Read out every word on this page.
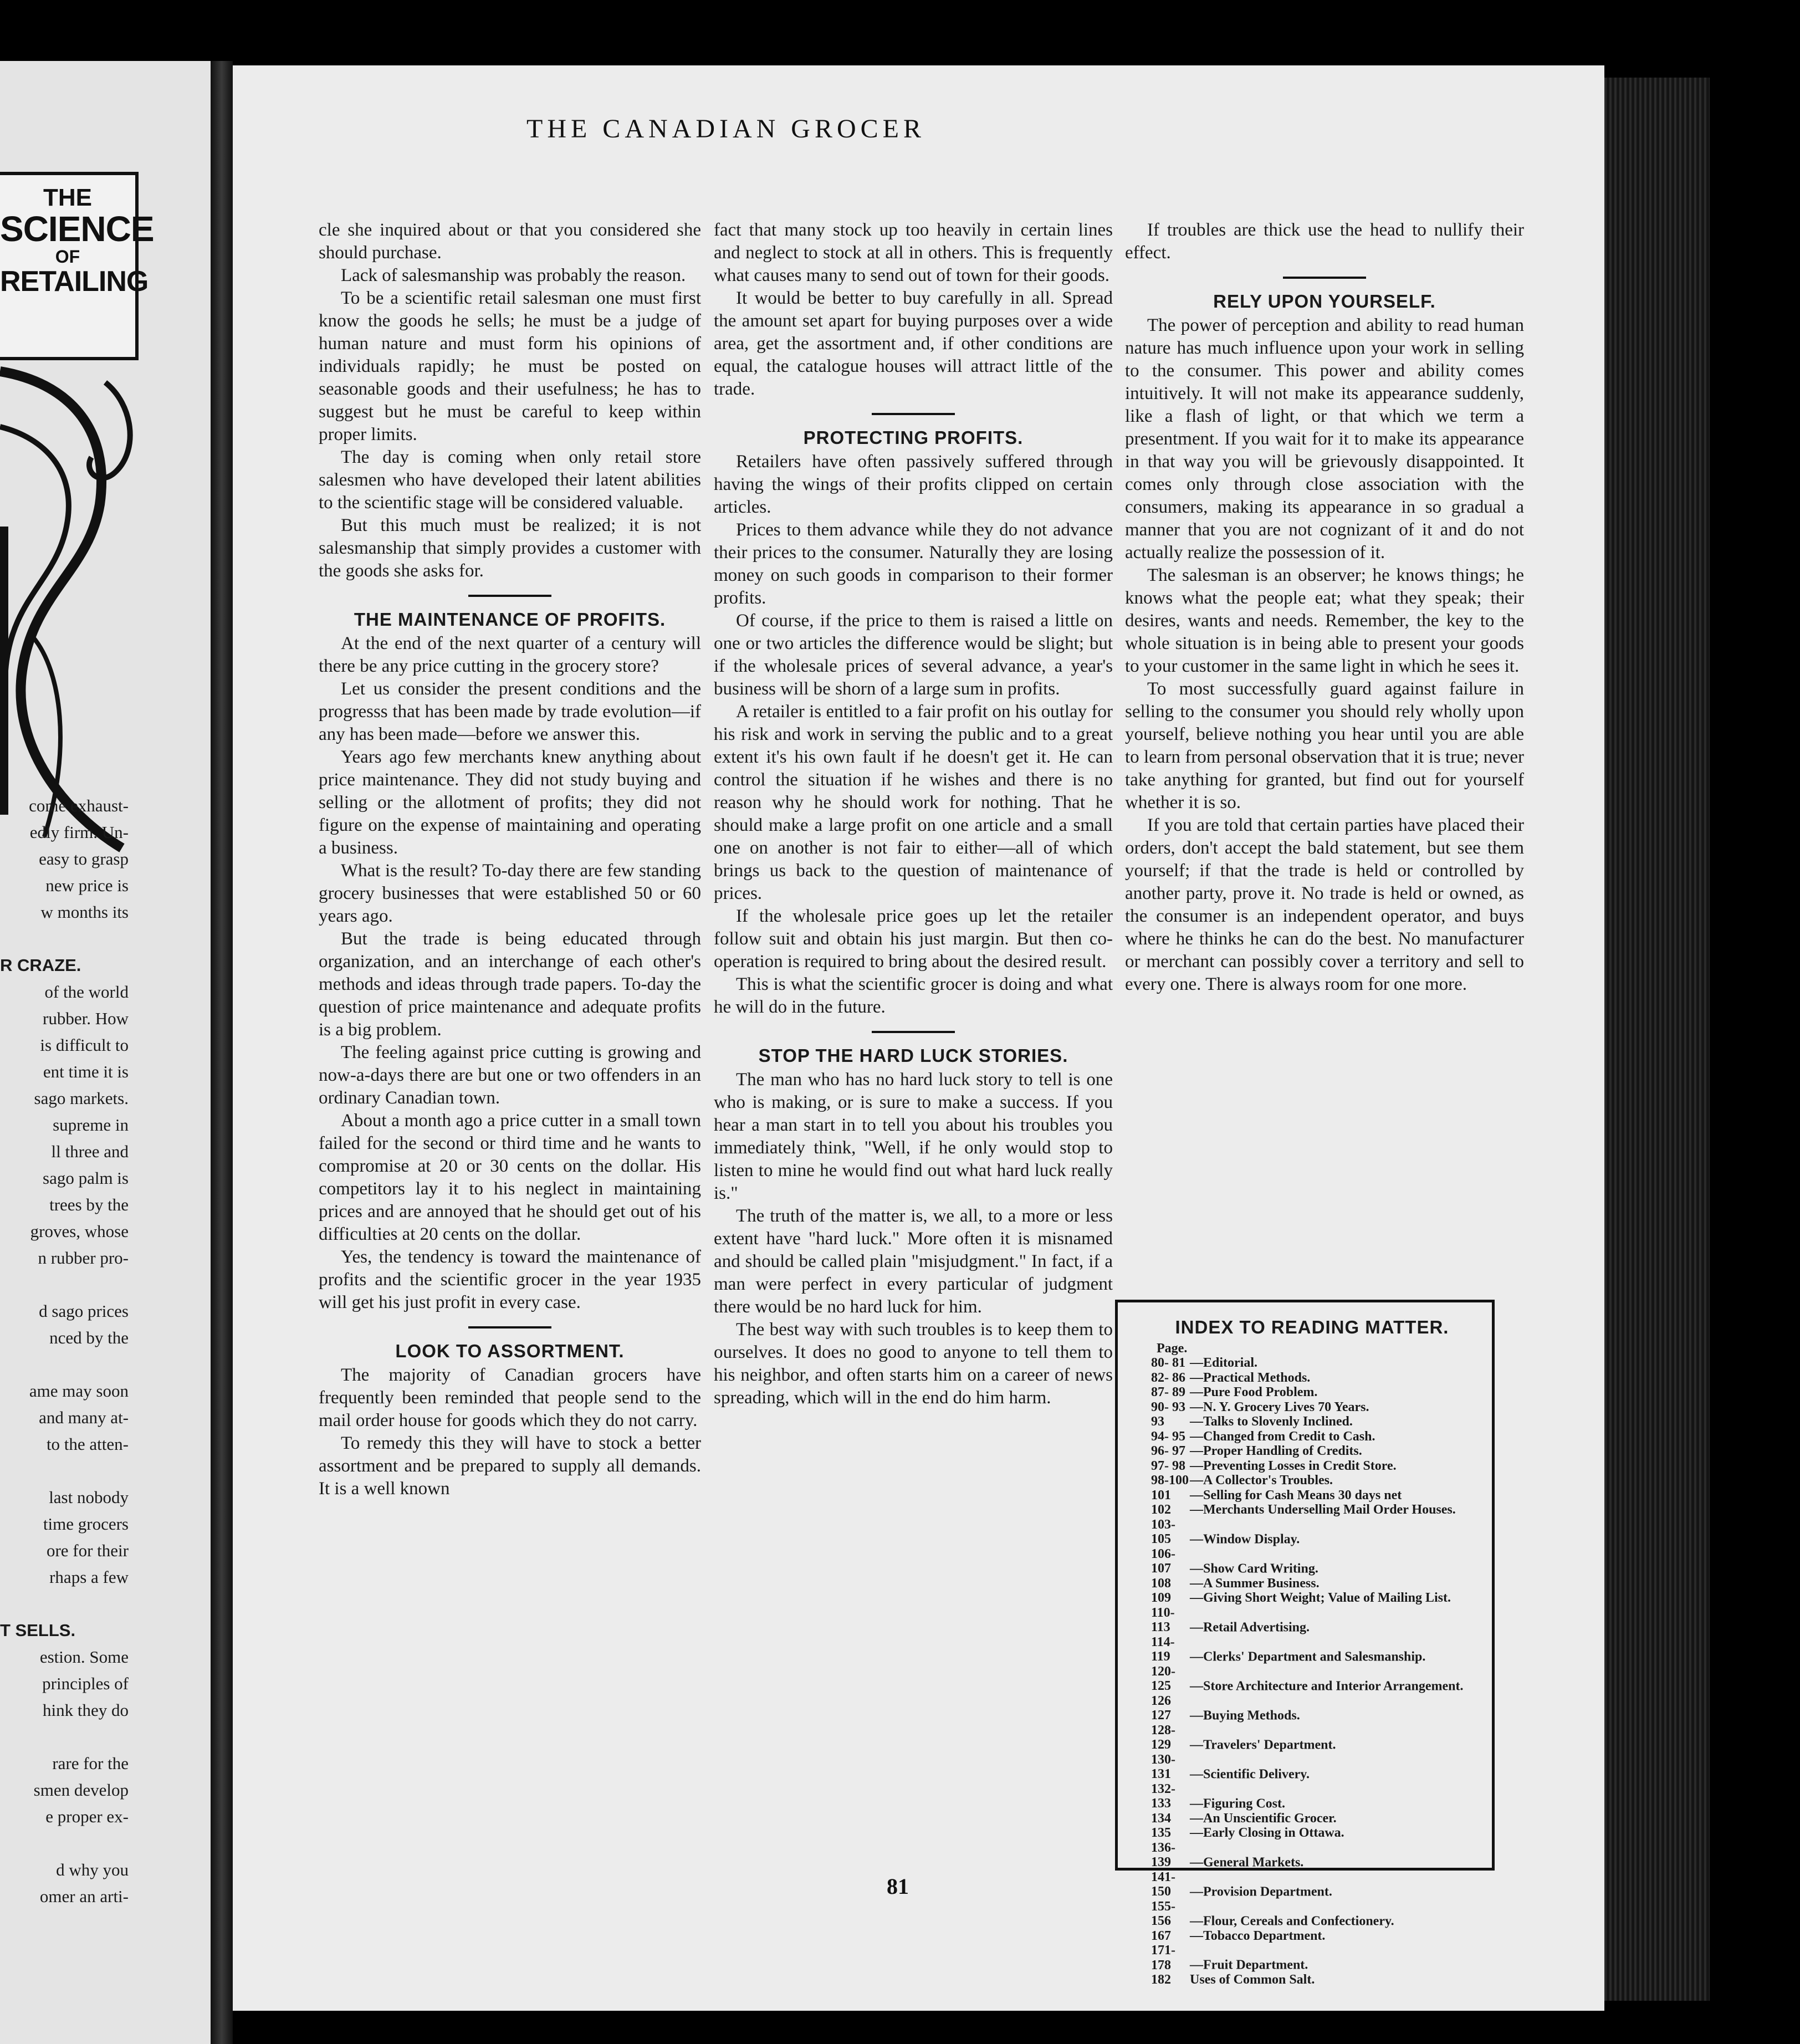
THE
SCIENCE
OF
RETAILING
come exhaust-
edly firm. Un-
easy to grasp
new price is
w months its
R CRAZE.
of the world
rubber. How
is difficult to
ent time it is
sago markets.
supreme in
ll three and
sago palm is
trees by the
groves, whose
n rubber pro-
d sago prices
nced by the
ame may soon
and many at-
to the atten-
last nobody
time grocers
ore for their
rhaps a few
T SELLS.
estion. Some
principles of
hink they do
rare for the
smen develop
e proper ex-
d why you
omer an arti-
THE CANADIAN GROCER

cle she inquired about or that you considered she should purchase.

Lack of salesmanship was probably the reason.

To be a scientific retail salesman one must first know the goods he sells; he must be a judge of human nature and must form his opinions of individuals rapidly; he must be posted on seasonable goods and their usefulness; he has to suggest but he must be careful to keep within proper limits.

The day is coming when only retail store salesmen who have developed their latent abilities to the scientific stage will be considered valuable.

But this much must be realized; it is not salesmanship that simply provides a customer with the goods she asks for.

THE MAINTENANCE OF PROFITS.

At the end of the next quarter of a century will there be any price cutting in the grocery store?

Let us consider the present conditions and the progresss that has been made by trade evolution—if any has been made—before we answer this.

Years ago few merchants knew anything about price maintenance. They did not study buying and selling or the allotment of profits; they did not figure on the expense of maintaining and operating a business.

What is the result? To-day there are few standing grocery businesses that were established 50 or 60 years ago.

But the trade is being educated through organization, and an interchange of each other's methods and ideas through trade papers. To-day the question of price maintenance and adequate profits is a big problem.

The feeling against price cutting is growing and now-a-days there are but one or two offenders in an ordinary Canadian town.

About a month ago a price cutter in a small town failed for the second or third time and he wants to compromise at 20 or 30 cents on the dollar. His competitors lay it to his neglect in maintaining prices and are annoyed that he should get out of his difficulties at 20 cents on the dollar.

Yes, the tendency is toward the maintenance of profits and the scientific grocer in the year 1935 will get his just profit in every case.

LOOK TO ASSORTMENT.

The majority of Canadian grocers have frequently been reminded that people send to the mail order house for goods which they do not carry.

To remedy this they will have to stock a better assortment and be prepared to supply all demands. It is a well known

fact that many stock up too heavily in certain lines and neglect to stock at all in others. This is frequently what causes many to send out of town for their goods.

It would be better to buy carefully in all. Spread the amount set apart for buying purposes over a wide area, get the assortment and, if other conditions are equal, the catalogue houses will attract little of the trade.

PROTECTING PROFITS.

Retailers have often passively suffered through having the wings of their profits clipped on certain articles.

Prices to them advance while they do not advance their prices to the consumer. Naturally they are losing money on such goods in comparison to their former profits.

Of course, if the price to them is raised a little on one or two articles the difference would be slight; but if the wholesale prices of several advance, a year's business will be shorn of a large sum in profits.

A retailer is entitled to a fair profit on his outlay for his risk and work in serving the public and to a great extent it's his own fault if he doesn't get it. He can control the situation if he wishes and there is no reason why he should work for nothing. That he should make a large profit on one article and a small one on another is not fair to either—all of which brings us back to the question of maintenance of prices.

If the wholesale price goes up let the retailer follow suit and obtain his just margin. But then co-operation is required to bring about the desired result.

This is what the scientific grocer is doing and what he will do in the future.

STOP THE HARD LUCK STORIES.

The man who has no hard luck story to tell is one who is making, or is sure to make a success. If you hear a man start in to tell you about his troubles you immediately think, "Well, if he only would stop to listen to mine he would find out what hard luck really is."

The truth of the matter is, we all, to a more or less extent have "hard luck." More often it is misnamed and should be called plain "misjudgment." In fact, if a man were perfect in every particular of judgment there would be no hard luck for him.

The best way with such troubles is to keep them to ourselves. It does no good to anyone to tell them to his neighbor, and often starts him on a career of news spreading, which will in the end do him harm.

If troubles are thick use the head to nullify their effect.

RELY UPON YOURSELF.

The power of perception and ability to read human nature has much influence upon your work in selling to the consumer. This power and ability comes intuitively. It will not make its appearance suddenly, like a flash of light, or that which we term a presentment. If you wait for it to make its appearance in that way you will be grievously disappointed. It comes only through close association with the consumers, making its appearance in so gradual a manner that you are not cognizant of it and do not actually realize the possession of it.

The salesman is an observer; he knows things; he knows what the people eat; what they speak; their desires, wants and needs. Remember, the key to the whole situation is in being able to present your goods to your customer in the same light in which he sees it.

To most successfully guard against failure in selling to the consumer you should rely wholly upon yourself, believe nothing you hear until you are able to learn from personal observation that it is true; never take anything for granted, but find out for yourself whether it is so.

If you are told that certain parties have placed their orders, don't accept the bald statement, but see them yourself; if that the trade is held or controlled by another party, prove it. No trade is held or owned, as the consumer is an independent operator, and buys where he thinks he can do the best. No manufacturer or merchant can possibly cover a territory and sell to every one. There is always room for one more.

INDEX TO READING MATTER.
Page.
80- 81 —Editorial.
82- 86 —Practical Methods.
87- 89 —Pure Food Problem.
90- 93 —N. Y. Grocery Lives 70 Years.
93 —Talks to Slovenly Inclined.
94- 95 —Changed from Credit to Cash.
96- 97 —Proper Handling of Credits.
97- 98 —Preventing Losses in Credit Store.
98-100—A Collector's Troubles.
101 —Selling for Cash Means 30 days net
102 —Merchants Underselling Mail Order Houses.
103-105 —Window Display.
106-107 —Show Card Writing.
108 —A Summer Business.
109 —Giving Short Weight; Value of Mailing List.
110-113 —Retail Advertising.
114-119 —Clerks' Department and Salesmanship.
120-125 —Store Architecture and Interior Arrangement.
126 127 —Buying Methods.
128-129 —Travelers' Department.
130-131 —Scientific Delivery.
132-133 —Figuring Cost.
134 —An Unscientific Grocer.
135 —Early Closing in Ottawa.
136-139 —General Markets.
141-150 —Provision Department.
155-156 —Flour, Cereals and Confectionery.
167 —Tobacco Department.
171-178 —Fruit Department.
182 Uses of Common Salt.
81
